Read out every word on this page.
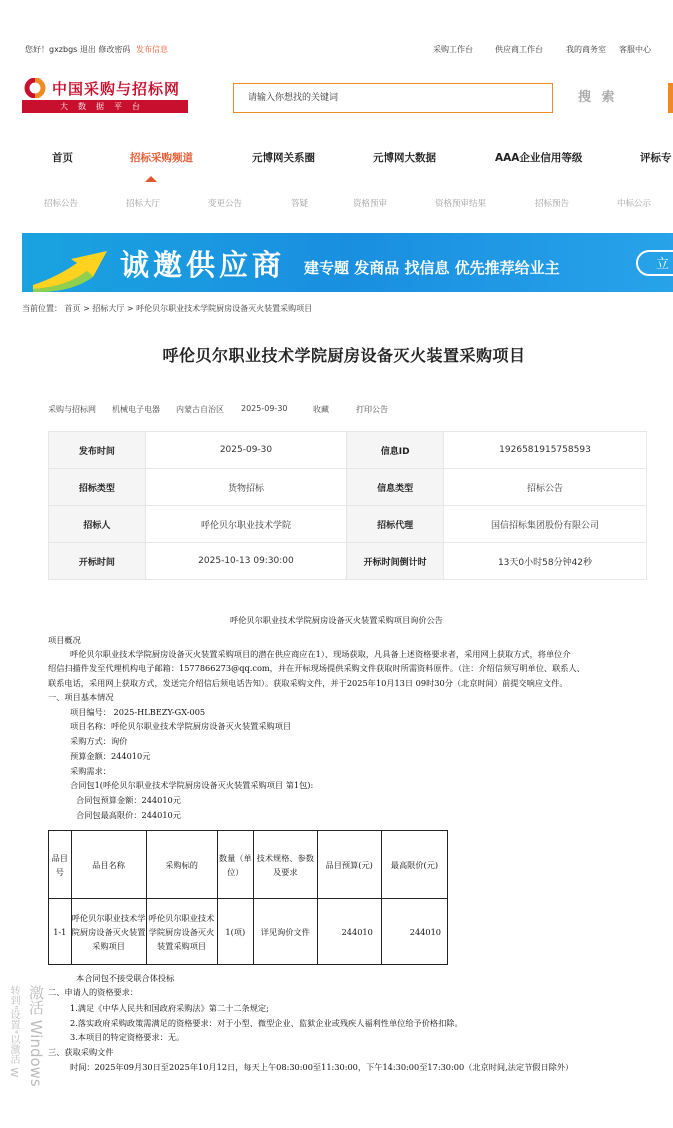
您好！gxzbgs 退出 修改密码 发布信息	采购工作台	供应商工作台	我的商务室 客服中心
中国采购与招标网
大数据平台
请输入你想找的关键词	搜 索
首页	招标采购频道	元博网关系圈	元博网大数据	AAA企业信用等级	评标专
招标公告	招标大厅	变更公告	答疑	资格预审	资格预审结果	招标预告	中标公示
诚邀供应商 建专题 发商品 找信息 优先推荐给业主	立
当前位置： 首页 > 招标大厅 > 呼伦贝尔职业技术学院厨房设备灭火装置采购项目
呼伦贝尔职业技术学院厨房设备灭火装置采购项目
采购与招标网 机械电子电器 内蒙古自治区 2025-09-30	收藏	打印公告
发布时间	2025-09-30	信息ID	1926581915758593
招标类型	货物招标	信息类型	招标公告
招标人	呼伦贝尔职业技术学院	招标代理	国信招标集团股份有限公司
开标时间	2025-10-13 09:30:00	开标时间倒计时	13天0小时58分钟42秒
呼伦贝尔职业技术学院厨房设备灭火装置采购项目询价公告
项目概况
呼伦贝尔职业技术学院厨房设备灭火装置采购项目的潜在供应商应在1）、现场获取，凡具备上述资格要求者，采用网上获取方式，将单位介
绍信扫描件发至代理机构电子邮箱：1577866273@qq.com，并在开标现场提供采购文件获取时所需资料原件。（注：介绍信须写明单位、联系人、
联系电话，采用网上获取方式，发送完介绍信后须电话告知）。获取采购文件，并于2025年10月13日 09时30分（北京时间）前提交响应文件。
一、项目基本情况
项目编号： 2025-HLBEZY-GX-005
项目名称：呼伦贝尔职业技术学院厨房设备灭火装置采购项目
采购方式：询价
预算金额：244010元
采购需求：
合同包1(呼伦贝尔职业技术学院厨房设备灭火装置采购项目 第1包):
合同包预算金额：244010元
合同包最高限价：244010元
品目号	品目名称	采购标的	数量（单位）	技术规格、参数及要求	品目预算(元)	最高限价(元)
1-1	呼伦贝尔职业技术学院厨房设备灭火装置采购项目	呼伦贝尔职业技术学院厨房设备灭火装置采购项目	1(项)	详见询价文件	244010	244010
本合同包不接受联合体投标
二、申请人的资格要求：
1.满足《中华人民共和国政府采购法》第二十二条规定;
2.落实政府采购政策需满足的资格要求：对于小型、微型企业、监狱企业或残疾人福利性单位给予价格扣除。
3.本项目的特定资格要求：无。
三、获取采购文件
时间：2025年09月30日至2025年10月12日，每天上午08:30:00至11:30:00，下午14:30:00至17:30:00（北京时间,法定节假日除外）
激活 Windows
转到"设置"以激活 W
